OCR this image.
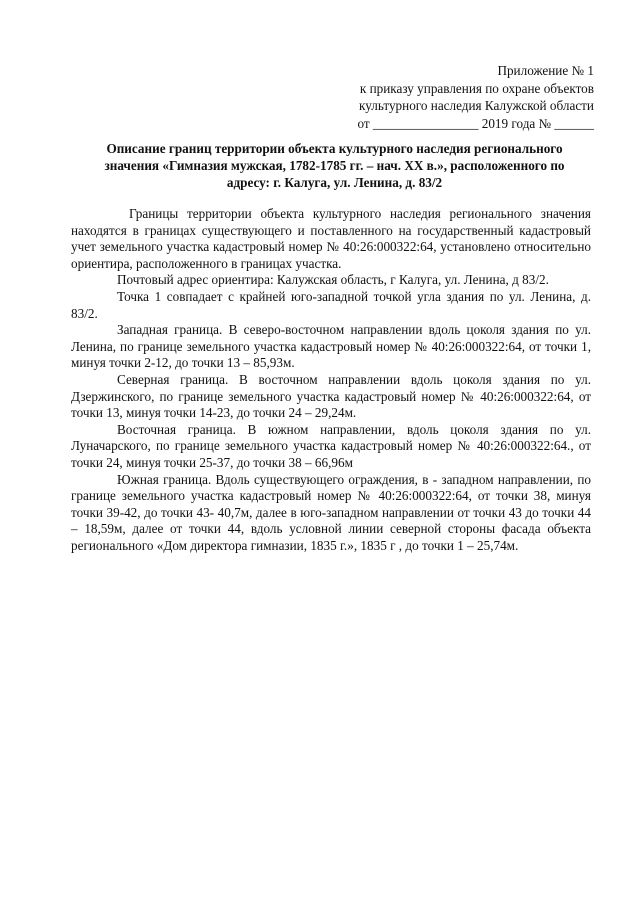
Приложение № 1
к приказу управления по охране объектов
культурного наследия Калужской области
от ________________ 2019 года № ______
Описание границ территории объекта культурного наследия регионального значения «Гимназия мужская, 1782-1785 гг. – нач. XX в.», расположенного по адресу: г. Калуга, ул. Ленина, д. 83/2

Границы территории объекта культурного наследия регионального значения находятся в границах существующего и поставленного на государственный кадастровый учет земельного участка кадастровый номер № 40:26:000322:64, установлено относительно ориентира, расположенного в границах участка.

Почтовый адрес ориентира: Калужская область, г Калуга, ул. Ленина, д 83/2.

Точка 1 совпадает с крайней юго-западной точкой угла здания по ул. Ленина, д. 83/2.

Западная граница. В северо-восточном направлении вдоль цоколя здания по ул. Ленина, по границе земельного участка кадастровый номер № 40:26:000322:64, от точки 1, минуя точки 2-12, до точки 13 – 85,93м.

Северная граница. В восточном направлении вдоль цоколя здания по ул. Дзержинского, по границе земельного участка кадастровый номер № 40:26:000322:64, от точки 13, минуя точки 14-23, до точки 24 – 29,24м.

Восточная граница. В южном направлении, вдоль цоколя здания по ул. Луначарского, по границе земельного участка кадастровый номер № 40:26:000322:64., от точки 24, минуя точки 25-37, до точки 38 – 66,96м

Южная граница. Вдоль существующего ограждения, в - западном направлении, по границе земельного участка кадастровый номер № 40:26:000322:64, от точки 38, минуя точки 39-42, до точки 43- 40,7м, далее в юго-западном направлении от точки 43 до точки 44 – 18,59м, далее от точки 44, вдоль условной линии северной стороны фасада объекта регионального «Дом директора гимназии, 1835 г.», 1835 г , до точки 1 – 25,74м.
